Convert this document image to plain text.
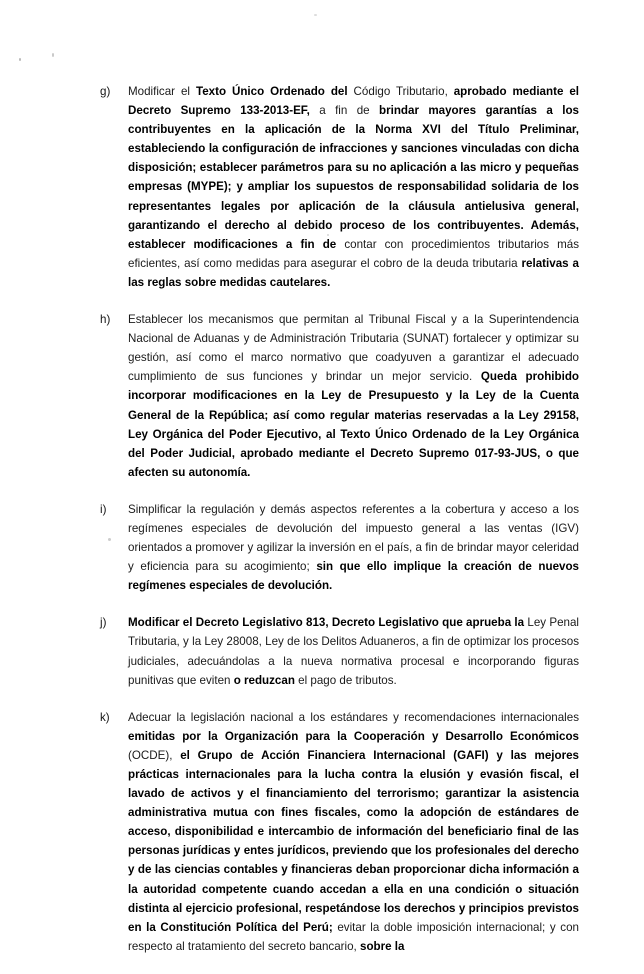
g)	Modificar el Texto Único Ordenado del Código Tributario, aprobado mediante el Decreto Supremo 133-2013-EF, a fin de brindar mayores garantías a los contribuyentes en la aplicación de la Norma XVI del Título Preliminar, estableciendo la configuración de infracciones y sanciones vinculadas con dicha disposición; establecer parámetros para su no aplicación a las micro y pequeñas empresas (MYPE); y ampliar los supuestos de responsabilidad solidaria de los representantes legales por aplicación de la cláusula antielusiva general, garantizando el derecho al debido proceso de los contribuyentes. Además, establecer modificaciones a fin de contar con procedimientos tributarios más eficientes, así como medidas para asegurar el cobro de la deuda tributaria relativas a las reglas sobre medidas cautelares.
h)	Establecer los mecanismos que permitan al Tribunal Fiscal y a la Superintendencia Nacional de Aduanas y de Administración Tributaria (SUNAT) fortalecer y optimizar su gestión, así como el marco normativo que coadyuven a garantizar el adecuado cumplimiento de sus funciones y brindar un mejor servicio. Queda prohibido incorporar modificaciones en la Ley de Presupuesto y la Ley de la Cuenta General de la República; así como regular materias reservadas a la Ley 29158, Ley Orgánica del Poder Ejecutivo, al Texto Único Ordenado de la Ley Orgánica del Poder Judicial, aprobado mediante el Decreto Supremo 017-93-JUS, o que afecten su autonomía.
i)	Simplificar la regulación y demás aspectos referentes a la cobertura y acceso a los regímenes especiales de devolución del impuesto general a las ventas (IGV) orientados a promover y agilizar la inversión en el país, a fin de brindar mayor celeridad y eficiencia para su acogimiento; sin que ello implique la creación de nuevos regímenes especiales de devolución.
j)	Modificar el Decreto Legislativo 813, Decreto Legislativo que aprueba la Ley Penal Tributaria, y la Ley 28008, Ley de los Delitos Aduaneros, a fin de optimizar los procesos judiciales, adecuándolas a la nueva normativa procesal e incorporando figuras punitivas que eviten o reduzcan el pago de tributos.
k)	Adecuar la legislación nacional a los estándares y recomendaciones internacionales emitidas por la Organización para la Cooperación y Desarrollo Económicos (OCDE), el Grupo de Acción Financiera Internacional (GAFI) y las mejores prácticas internacionales para la lucha contra la elusión y evasión fiscal, el lavado de activos y el financiamiento del terrorismo; garantizar la asistencia administrativa mutua con fines fiscales, como la adopción de estándares de acceso, disponibilidad e intercambio de información del beneficiario final de las personas jurídicas y entes jurídicos, previendo que los profesionales del derecho y de las ciencias contables y financieras deban proporcionar dicha información a la autoridad competente cuando accedan a ella en una condición o situación distinta al ejercicio profesional, respetándose los derechos y principios previstos en la Constitución Política del Perú; evitar la doble imposición internacional; y con respecto al tratamiento del secreto bancario, sobre la
